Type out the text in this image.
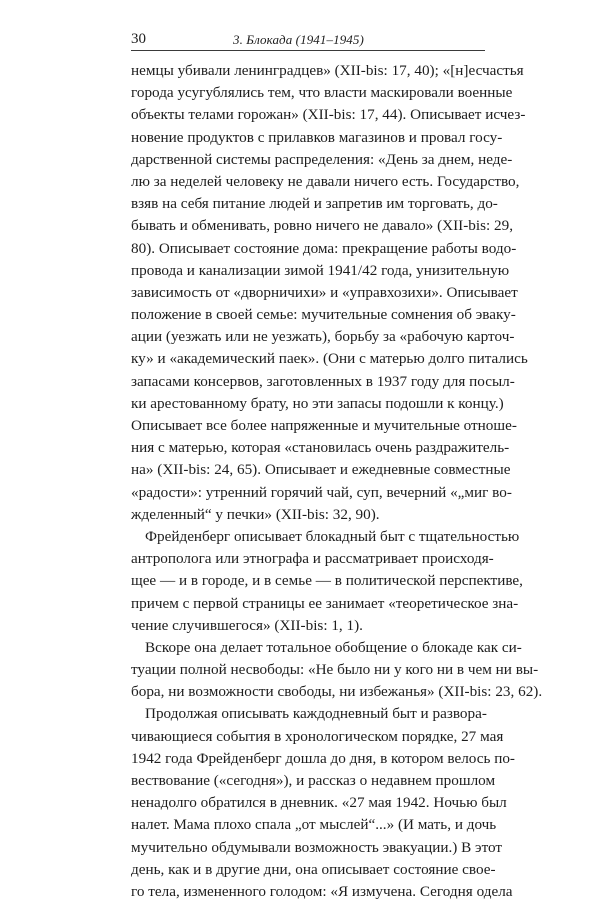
30	3. Блокада (1941–1945)
немцы убивали ленинградцев» (XII-bis: 17, 40); «[н]есчастья
города усугублялись тем, что власти маскировали военные
объекты телами горожан» (XII-bis: 17, 44). Описывает исчез-
новение продуктов с прилавков магазинов и провал госу-
дарственной системы распределения: «День за днем, неде-
лю за неделей человеку не давали ничего есть. Государство,
взяв на себя питание людей и запретив им торговать, до-
бывать и обменивать, ровно ничего не давало» (XII-bis: 29,
80). Описывает состояние дома: прекращение работы водо-
провода и канализации зимой 1941/42 года, унизительную
зависимость от «дворничихи» и «управхозихи». Описывает
положение в своей семье: мучительные сомнения об эваку-
ации (уезжать или не уезжать), борьбу за «рабочую карточ-
ку» и «академический паек». (Они с матерью долго питались
запасами консервов, заготовленных в 1937 году для посыл-
ки арестованному брату, но эти запасы подошли к концу.)
Описывает все более напряженные и мучительные отноше-
ния с матерью, которая «становилась очень раздражитель-
на» (XII-bis: 24, 65). Описывает и ежедневные совместные
«радости»: утренний горячий чай, суп, вечерний «„миг во-
жделенный“ у печки» (XII-bis: 32, 90).
Фрейденберг описывает блокадный быт с тщательностью
антрополога или этнографа и рассматривает происходя-
щее — и в городе, и в семье — в политической перспективе,
причем с первой страницы ее занимает «теоретическое зна-
чение случившегося» (XII-bis: 1, 1).
Вскоре она делает тотальное обобщение о блокаде как си-
туации полной несвободы: «Не было ни у кого ни в чем ни вы-
бора, ни возможности свободы, ни избежанья» (XII-bis: 23, 62).
Продолжая описывать каждодневный быт и развора-
чивающиеся события в хронологическом порядке, 27 мая
1942 года Фрейденберг дошла до дня, в котором велось по-
вествование («сегодня»), и рассказ о недавнем прошлом
ненадолго обратился в дневник. «27 мая 1942. Ночью был
налет. Мама плохо спала „от мыслей“...» (И мать, и дочь
мучительно обдумывали возможность эвакуации.) В этот
день, как и в другие дни, она описывает состояние свое-
го тела, измененного голодом: «Я измучена. Сегодня одела
